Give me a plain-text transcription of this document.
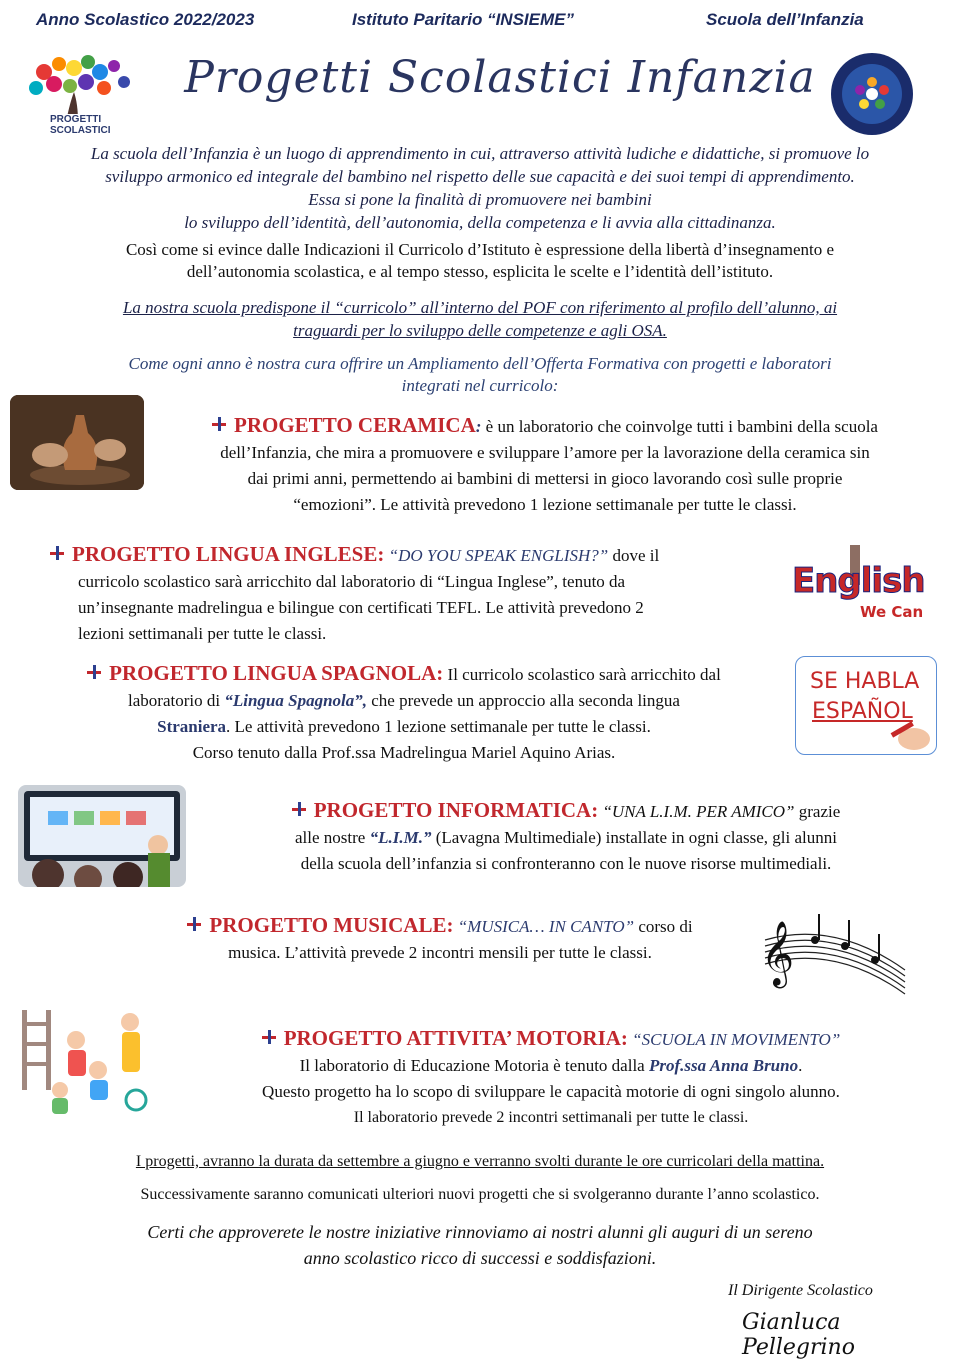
Anno Scolastico 2022/2023	Istituto Paritario “INSIEME”	Scuola dell’Infanzia
PROGETTI SCOLASTICI
Progetti Scolastici Infanzia
La scuola dell’Infanzia è un luogo di apprendimento in cui, attraverso attività ludiche e didattiche, si promuove lo
sviluppo armonico ed integrale del bambino nel rispetto delle sue capacità e dei suoi tempi di apprendimento.
Essa si pone la finalità di promuovere nei bambini
lo sviluppo dell’identità, dell’autonomia, della competenza e li avvia alla cittadinanza.
Così come si evince dalle Indicazioni il Curricolo d’Istituto è espressione della libertà d’insegnamento e
dell’autonomia scolastica, e al tempo stesso, esplicita le scelte e l’identità dell’istituto.
La nostra scuola predispone il “curricolo” all’interno del POF con riferimento al profilo dell’alunno, ai
traguardi per lo sviluppo delle competenze e agli OSA.
Come ogni anno è nostra cura offrire un Ampliamento dell’Offerta Formativa con progetti e laboratori
integrati nel curricolo:
PROGETTO CERAMICA: è un laboratorio che coinvolge tutti i bambini della scuola
dell’Infanzia, che mira a promuovere e sviluppare l’amore per la lavorazione della ceramica sin
dai primi anni, permettendo ai bambini di mettersi in gioco lavorando così sulle proprie
“emozioni”. Le attività prevedono 1 lezione settimanale per tutte le classi.
PROGETTO LINGUA INGLESE: “DO YOU SPEAK ENGLISH?” dove il
curricolo scolastico sarà arricchito dal laboratorio di “Lingua Inglese”, tenuto da
un’insegnante madrelingua e bilingue con certificati TEFL. Le attività prevedono 2
lezioni settimanali per tutte le classi.
English
We Can
PROGETTO LINGUA SPAGNOLA: Il curricolo scolastico sarà arricchito dal
laboratorio di “Lingua Spagnola”, che prevede un approccio alla seconda lingua
Straniera. Le attività prevedono 1 lezione settimanale per tutte le classi.
Corso tenuto dalla Prof.ssa Madrelingua Mariel Aquino Arias.
SE HABLA
ESPAÑOL
PROGETTO INFORMATICA: “UNA L.I.M. PER AMICO” grazie
alle nostre “L.I.M.” (Lavagna Multimediale) installate in ogni classe, gli alunni
della scuola dell’infanzia si confronteranno con le nuove risorse multimediali.
PROGETTO MUSICALE: “MUSICA… IN CANTO” corso di
musica. L’attività prevede 2 incontri mensili per tutte le classi.	𝄞
PROGETTO ATTIVITA’ MOTORIA: “SCUOLA IN MOVIMENTO”
Il laboratorio di Educazione Motoria è tenuto dalla Prof.ssa Anna Bruno.
Questo progetto ha lo scopo di sviluppare le capacità motorie di ogni singolo alunno.
Il laboratorio prevede 2 incontri settimanali per tutte le classi.
I progetti, avranno la durata da settembre a giugno e verranno svolti durante le ore curricolari della mattina.
Successivamente saranno comunicati ulteriori nuovi progetti che si svolgeranno durante l’anno scolastico.
Certi che approverete le nostre iniziative rinnoviamo ai nostri alunni gli auguri di un sereno
anno scolastico ricco di successi e soddisfazioni.
Il Dirigente Scolastico
Gianluca Pellegrino
